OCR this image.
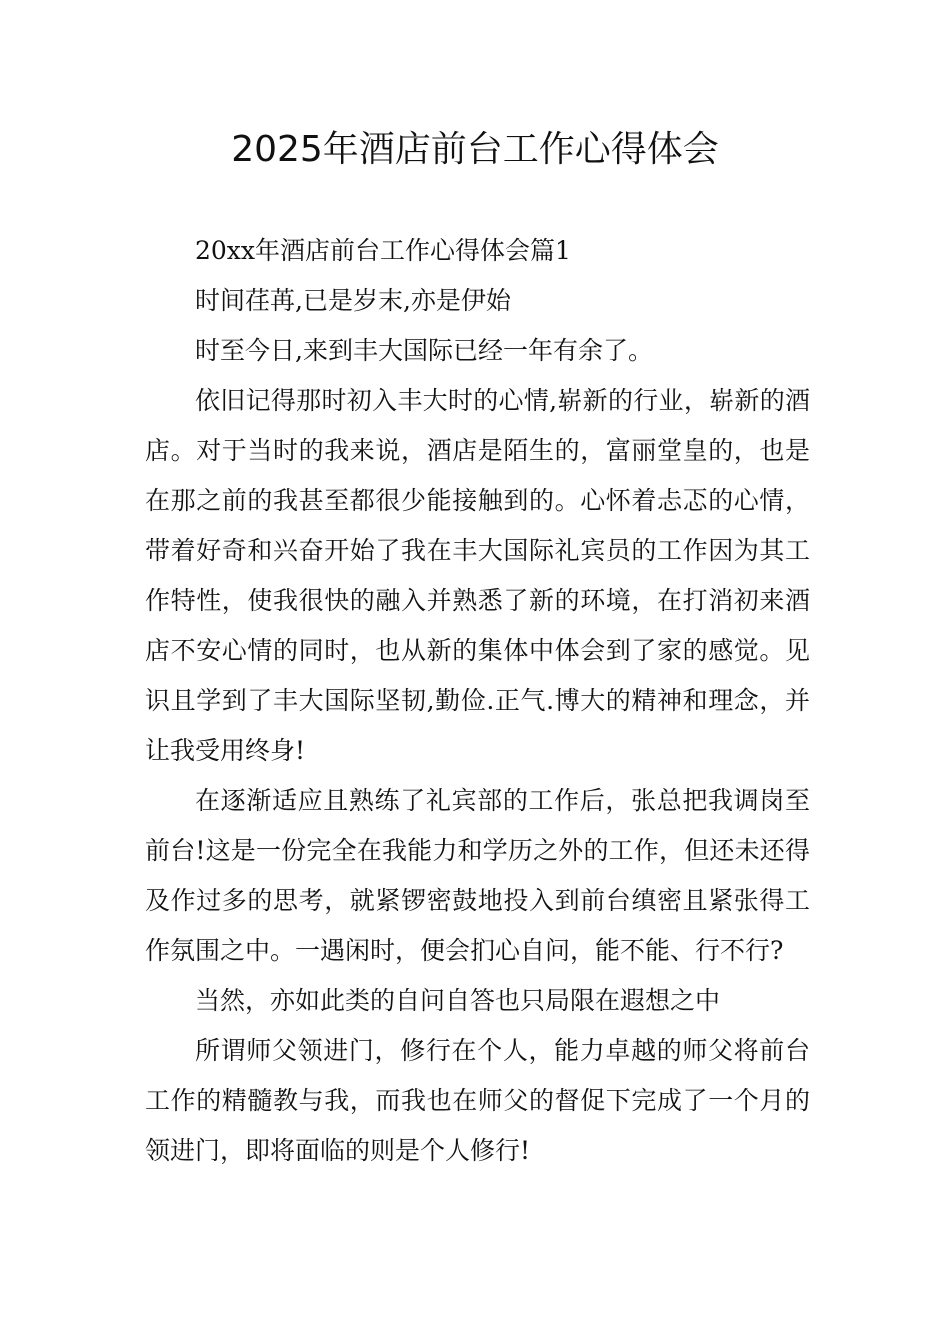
2025年酒店前台工作心得体会

20xx年酒店前台工作心得体会篇1

时间荏苒,已是岁末,亦是伊始

时至今日,来到丰大国际已经一年有余了。

依旧记得那时初入丰大时的心情,崭新的行业，崭新的酒店。对于当时的我来说，酒店是陌生的，富丽堂皇的，也是在那之前的我甚至都很少能接触到的。心怀着忐忑的心情，带着好奇和兴奋开始了我在丰大国际礼宾员的工作因为其工作特性，使我很快的融入并熟悉了新的环境，在打消初来酒店不安心情的同时，也从新的集体中体会到了家的感觉。见识且学到了丰大国际坚韧,勤俭.正气.博大的精神和理念，并让我受用终身!

在逐渐适应且熟练了礼宾部的工作后，张总把我调岗至前台!这是一份完全在我能力和学历之外的工作，但还未还得及作过多的思考，就紧锣密鼓地投入到前台缜密且紧张得工作氛围之中。一遇闲时，便会扪心自问，能不能、行不行?

当然，亦如此类的自问自答也只局限在遐想之中

所谓师父领进门，修行在个人，能力卓越的师父将前台工作的精髓教与我，而我也在师父的督促下完成了一个月的领进门，即将面临的则是个人修行!
